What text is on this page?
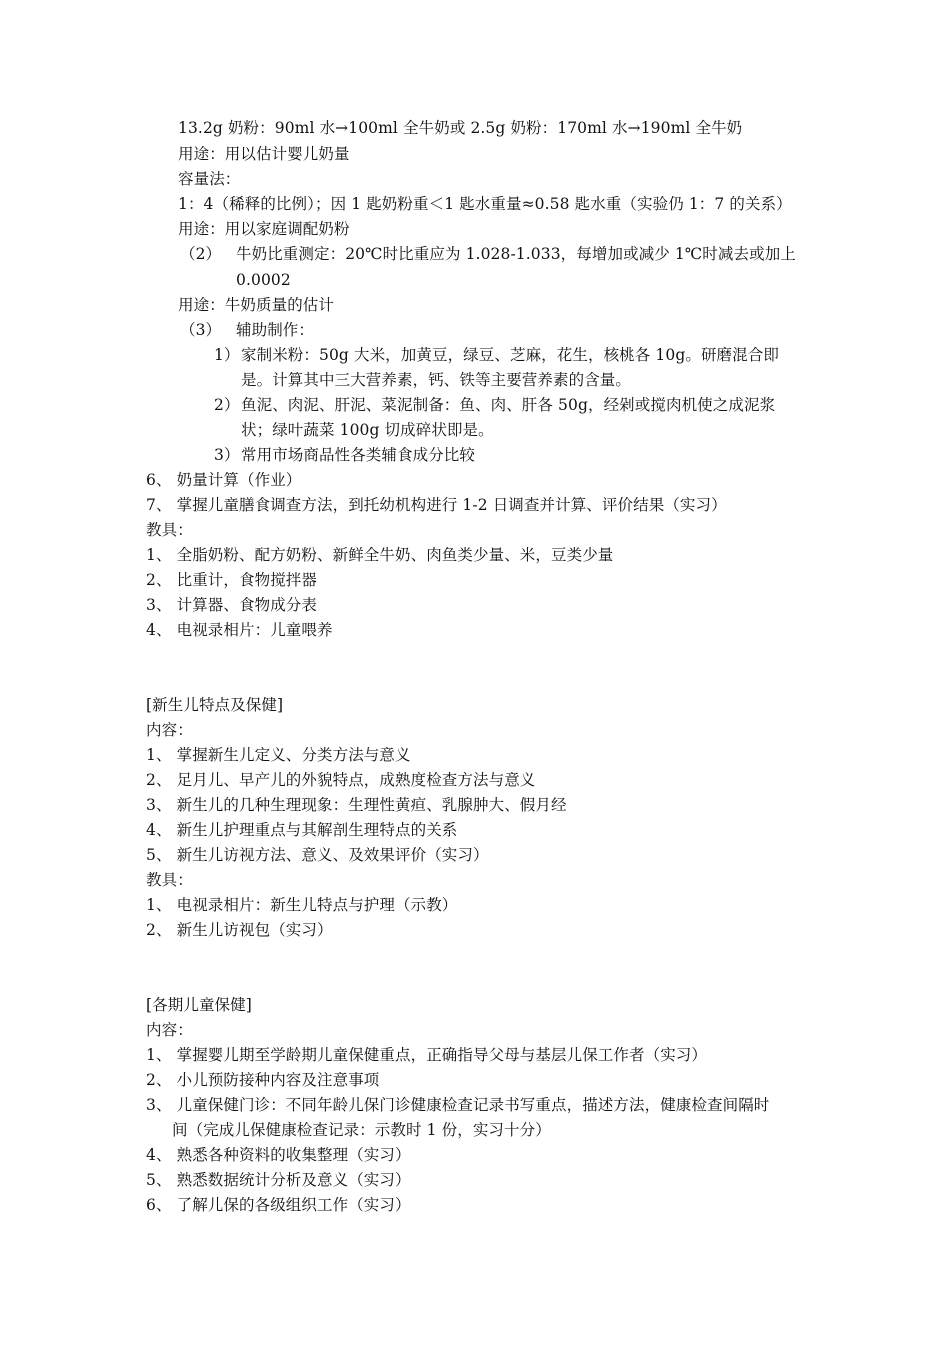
13.2g 奶粉：90ml 水→100ml 全牛奶或 2.5g 奶粉：170ml 水→190ml 全牛奶
用途：用以估计婴儿奶量
容量法：
1：4（稀释的比例）；因 1 匙奶粉重＜1 匙水重量≈0.58 匙水重（实验仍 1：7 的关系）
用途：用以家庭调配奶粉
（2） 牛奶比重测定：20℃时比重应为 1.028-1.033，每增加或减少 1℃时减去或加上
0.0002
用途：牛奶质量的估计
（3） 辅助制作：
1） 家制米粉：50g 大米，加黄豆，绿豆、芝麻，花生，核桃各 10g。研磨混合即
是。计算其中三大营养素，钙、铁等主要营养素的含量。
2） 鱼泥、肉泥、肝泥、菜泥制备：鱼、肉、肝各 50g，经剁或搅肉机使之成泥浆
状；绿叶蔬菜 100g 切成碎状即是。
3） 常用市场商品性各类辅食成分比较
6、 奶量计算（作业）
7、 掌握儿童膳食调查方法，到托幼机构进行 1-2 日调查并计算、评价结果（实习）
教具：
1、 全脂奶粉、配方奶粉、新鲜全牛奶、肉鱼类少量、米，豆类少量
2、 比重计，食物搅拌器
3、 计算器、食物成分表
4、 电视录相片：儿童喂养
[新生儿特点及保健]
内容：
1、 掌握新生儿定义、分类方法与意义
2、 足月儿、早产儿的外貌特点，成熟度检查方法与意义
3、 新生儿的几种生理现象：生理性黄疸、乳腺肿大、假月经
4、 新生儿护理重点与其解剖生理特点的关系
5、 新生儿访视方法、意义、及效果评价（实习）
教具：
1、 电视录相片：新生儿特点与护理（示教）
2、 新生儿访视包（实习）
[各期儿童保健]
内容：
1、 掌握婴儿期至学龄期儿童保健重点，正确指导父母与基层儿保工作者（实习）
2、 小儿预防接种内容及注意事项
3、 儿童保健门诊：不同年龄儿保门诊健康检查记录书写重点，描述方法，健康检查间隔时
间（完成儿保健康检查记录：示教时 1 份，实习十分）
4、 熟悉各种资料的收集整理（实习）
5、 熟悉数据统计分析及意义（实习）
6、 了解儿保的各级组织工作（实习）
